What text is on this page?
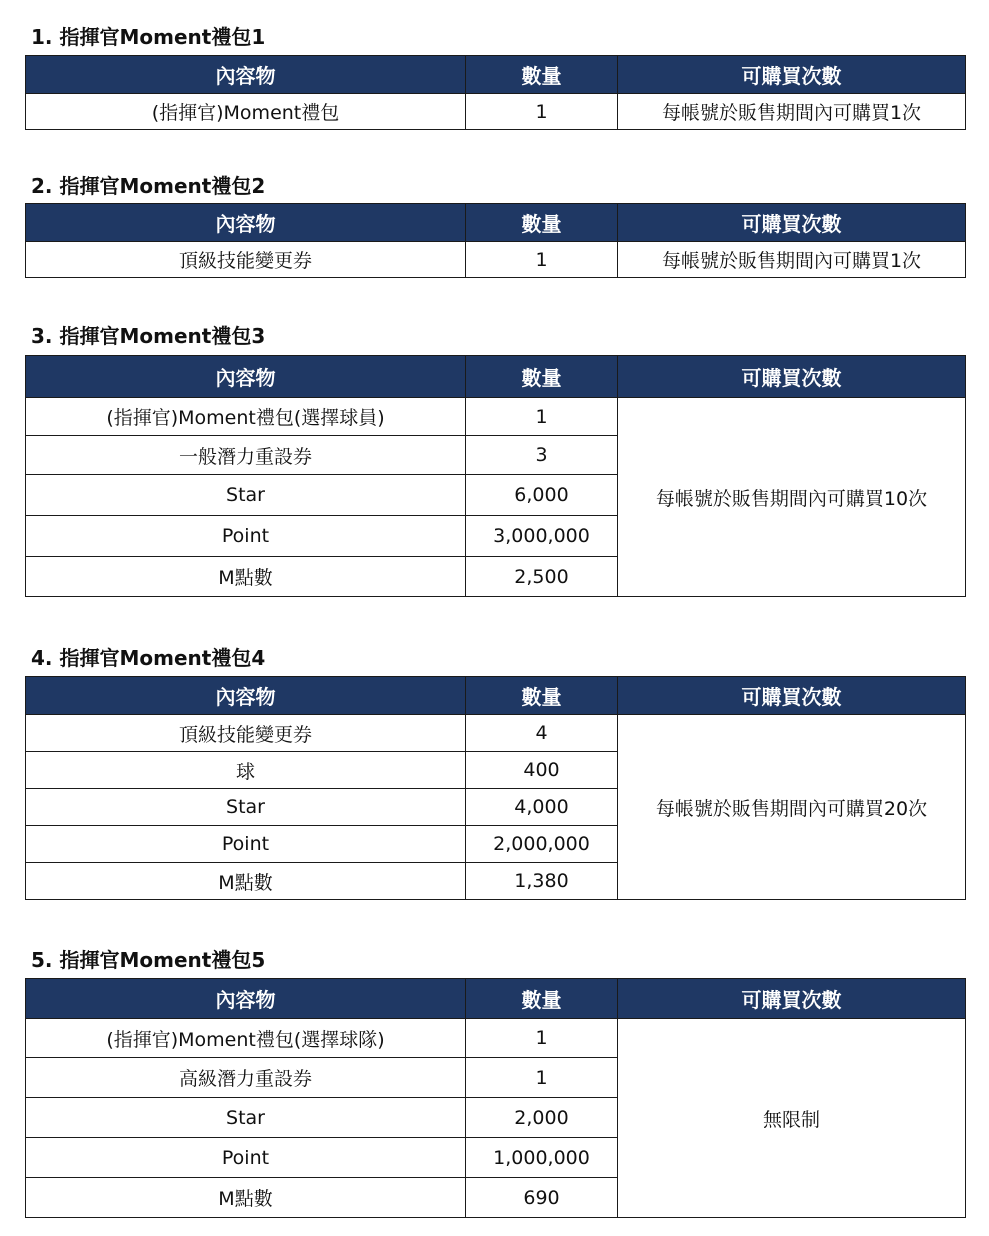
1. 指揮官Moment禮包1
內容物	數量	可購買次數
(指揮官)Moment禮包	1	每帳號於販售期間內可購買1次
2. 指揮官Moment禮包2
內容物	數量	可購買次數
頂級技能變更券	1	每帳號於販售期間內可購買1次
3. 指揮官Moment禮包3
內容物	數量	可購買次數
(指揮官)Moment禮包(選擇球員)	1	每帳號於販售期間內可購買10次
一般潛力重設券	3	
Star	6,000	
Point	3,000,000	
M點數	2,500	
4. 指揮官Moment禮包4
內容物	數量	可購買次數
頂級技能變更券	4	每帳號於販售期間內可購買20次
球	400	
Star	4,000	
Point	2,000,000	
M點數	1,380	
5. 指揮官Moment禮包5
內容物	數量	可購買次數
(指揮官)Moment禮包(選擇球隊)	1	無限制
高級潛力重設券	1	
Star	2,000	
Point	1,000,000	
M點數	690	
